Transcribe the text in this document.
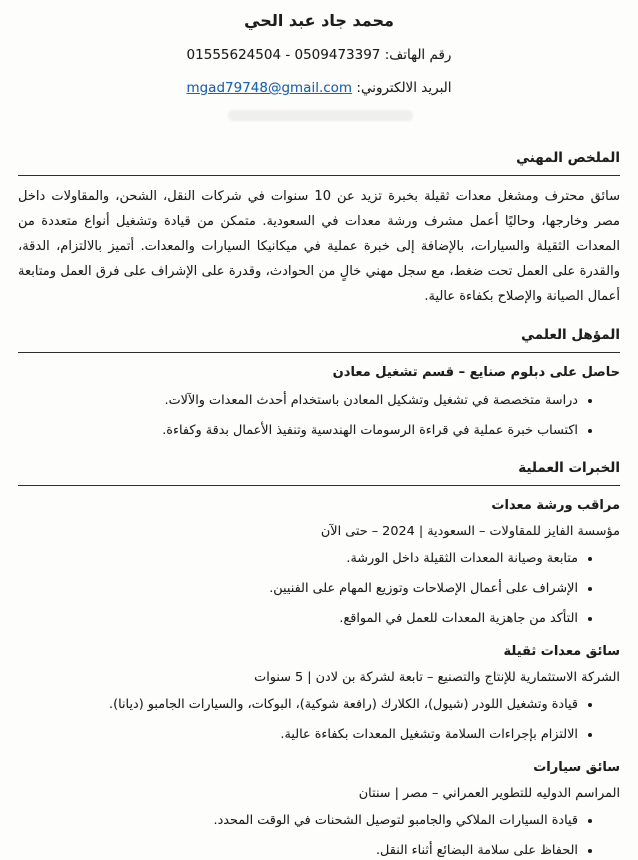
محمد جاد عبد الحي
رقم الهاتف: 0509473397 - 01555624504
البريد الالكتروني: mgad79748@gmail.com
الملخص المهني

سائق محترف ومشغل معدات ثقيلة بخبرة تزيد عن 10 سنوات في شركات النقل، الشحن، والمقاولات داخل مصر وخارجها، وحاليًا أعمل مشرف ورشة معدات في السعودية. متمكن من قيادة وتشغيل أنواع متعددة من المعدات الثقيلة والسيارات، بالإضافة إلى خبرة عملية في ميكانيكا السيارات والمعدات. أتميز بالالتزام، الدقة، والقدرة على العمل تحت ضغط، مع سجل مهني خالٍ من الحوادث، وقدرة على الإشراف على فرق العمل ومتابعة أعمال الصيانة والإصلاح بكفاءة عالية.

المؤهل العلمي
حاصل على دبلوم صنايع – قسم تشغيل معادن
• دراسة متخصصة في تشغيل وتشكيل المعادن باستخدام أحدث المعدات والآلات.
• اكتساب خبرة عملية في قراءة الرسومات الهندسية وتنفيذ الأعمال بدقة وكفاءة.
الخبرات العملية
مراقب ورشة معدات
مؤسسة الفايز للمقاولات – السعودية | 2024 – حتى الآن
• متابعة وصيانة المعدات الثقيلة داخل الورشة.
• الإشراف على أعمال الإصلاحات وتوزيع المهام على الفنيين.
• التأكد من جاهزية المعدات للعمل في المواقع.
سائق معدات ثقيلة
الشركة الاستثمارية للإنتاج والتصنيع – تابعة لشركة بن لادن | 5 سنوات
• قيادة وتشغيل اللودر (شيول)، الكلارك (رافعة شوكية)، البوكات، والسيارات الجامبو (ديانا).
• الالتزام بإجراءات السلامة وتشغيل المعدات بكفاءة عالية.
سائق سيارات
المراسم الدوليه للتطوير العمراني – مصر | سنتان
• قيادة السيارات الملاكي والجامبو لتوصيل الشحنات في الوقت المحدد.
• الحفاظ على سلامة البضائع أثناء النقل.
